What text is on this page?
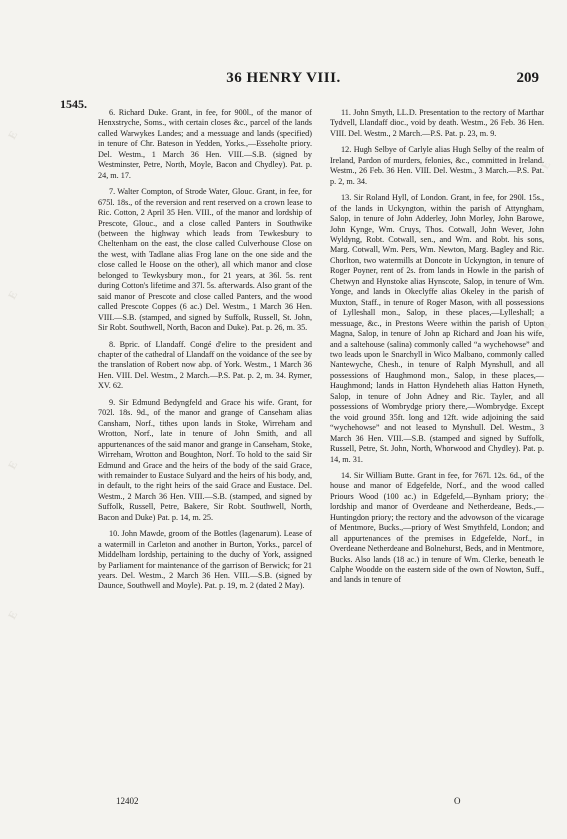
E
E
E
E
E
E
E
36 HENRY VIII.	209
1545.

6. Richard Duke. Grant, in fee, for 900l., of the manor of Henxstryche, Soms., with certain closes &c., parcel of the lands called Warwykes Landes; and a messuage and lands (specified) in tenure of Chr. Bateson in Yedden, Yorks.,—Esseholte priory. Del. Westm., 1 March 36 Hen. VIII.—S.B. (signed by Westminster, Petre, North, Moyle, Bacon and Chydley). Pat. p. 24, m. 17.

7. Walter Compton, of Strode Water, Glouc. Grant, in fee, for 675l. 18s., of the reversion and rent reserved on a crown lease to Ric. Cotton, 2 April 35 Hen. VIII., of the manor and lordship of Prescote, Glouc., and a close called Panters in Southwike (between the highway which leads from Tewkesbury to Cheltenham on the east, the close called Culverhouse Close on the west, with Tadlane alias Frog lane on the one side and the close called le Hoose on the other), all which manor and close belonged to Tewkysbury mon., for 21 years, at 36l. 5s. rent during Cotton's lifetime and 37l. 5s. afterwards. Also grant of the said manor of Prescote and close called Panters, and the wood called Prescote Coppes (6 ac.) Del. Westm., 1 March 36 Hen. VIII.—S.B. (stamped, and signed by Suffolk, Russell, St. John, Sir Robt. Southwell, North, Bacon and Duke). Pat. p. 26, m. 35.

8. Bpric. of Llandaff. Congé d'elire to the president and chapter of the cathedral of Llandaff on the voidance of the see by the translation of Robert now abp. of York. Westm., 1 March 36 Hen. VIII. Del. Westm., 2 March.—P.S. Pat. p. 2, m. 34. Rymer, XV. 62.

9. Sir Edmund Bedyngfeld and Grace his wife. Grant, for 702l. 18s. 9d., of the manor and grange of Canseham alias Cansham, Norf., tithes upon lands in Stoke, Wirreham and Wrotton, Norf., late in tenure of John Smith, and all appurtenances of the said manor and grange in Canseham, Stoke, Wirreham, Wrotton and Boughton, Norf. To hold to the said Sir Edmund and Grace and the heirs of the body of the said Grace, with remainder to Eustace Sulyard and the heirs of his body, and, in default, to the right heirs of the said Grace and Eustace. Del. Westm., 2 March 36 Hen. VIII.—S.B. (stamped, and signed by Suffolk, Russell, Petre, Bakere, Sir Robt. Southwell, North, Bacon and Duke) Pat. p. 14, m. 25.

10. John Mawde, groom of the Bottles (lagenarum). Lease of a watermill in Carleton and another in Burton, Yorks., parcel of Middelham lordship, pertaining to the duchy of York, assigned by Parliament for maintenance of the garrison of Berwick; for 21 years. Del. Westm., 2 March 36 Hen. VIII.—S.B. (signed by Daunce, Southwell and Moyle). Pat. p. 19, m. 2 (dated 2 May).

11. John Smyth, LL.D. Presentation to the rectory of Marthar Tydvell, Llandaff dioc., void by death. Westm., 26 Feb. 36 Hen. VIII. Del. Westm., 2 March.—P.S. Pat. p. 23, m. 9.

12. Hugh Selbye of Carlyle alias Hugh Selby of the realm of Ireland, Pardon of murders, felonies, &c., committed in Ireland. Westm., 26 Feb. 36 Hen. VIII. Del. Westm., 3 March.—P.S. Pat. p. 2, m. 34.

13. Sir Roland Hyll, of London. Grant, in fee, for 290l. 15s., of the lands in Uckyngton, within the parish of Attyngham, Salop, in tenure of John Adderley, John Morley, John Barowe, John Kynge, Wm. Cruys, Thos. Cotwall, John Wever, John Wyldyng, Robt. Cotwall, sen., and Wm. and Robt. his sons, Marg. Cotwall, Wm. Pers, Wm. Newton, Marg. Bagley and Ric. Chorlton, two watermills at Doncote in Uckyngton, in tenure of Roger Poyner, rent of 2s. from lands in Howle in the parish of Chetwyn and Hynstoke alias Hynscote, Salop, in tenure of Wm. Yonge, and lands in Okeclyffe alias Okeley in the parish of Muxton, Staff., in tenure of Roger Mason, with all possessions of Lylleshall mon., Salop, in these places,—Lylleshall; a messuage, &c., in Prestons Weere within the parish of Upton Magna, Salop, in tenure of John ap Richard and Joan his wife, and a saltehouse (salina) commonly called “a wychehowse” and two leads upon le Snarchyll in Wico Malbano, commonly called Nantewyche, Chesh., in tenure of Ralph Mynshull, and all possessions of Haughmond mon., Salop, in these places,—Haughmond; lands in Hatton Hyndeheth alias Hatton Hyneth, Salop, in tenure of John Adney and Ric. Tayler, and all possessions of Wombrydge priory there,—Wombrydge. Except the void ground 35ft. long and 12ft. wide adjoining the said “wychehowse” and not leased to Mynshull. Del. Westm., 3 March 36 Hen. VIII.—S.B. (stamped and signed by Suffolk, Russell, Petre, St. John, North, Whorwood and Chydley). Pat. p. 14, m. 31.

14. Sir William Butte. Grant in fee, for 767l. 12s. 6d., of the house and manor of Edgefelde, Norf., and the wood called Priours Wood (100 ac.) in Edgefeld,—Bynham priory; the lordship and manor of Overdeane and Netherdeane, Beds.,—Huntingdon priory; the rectory and the advowson of the vicarage of Mentmore, Bucks.,—priory of West Smythfeld, London; and all appurtenances of the premises in Edgefelde, Norf., in Overdeane Netherdeane and Bolnehurst, Beds, and in Mentmore, Bucks. Also lands (18 ac.) in tenure of Wm. Clerke, beneath le Calphe Woodde on the eastern side of the own of Nowton, Suff., and lands in tenure of

12402	O
